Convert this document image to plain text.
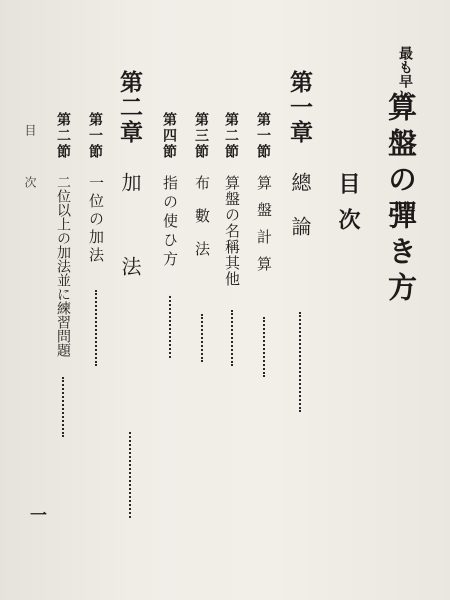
最も早い
算盤の彈き方
目次
第一章
總論
第一節
算盤計算
第二節
算盤の名稱其他
第三節
布數法
第四節
指の使ひ方
第二章
加法
第一節
一位の加法
第二節
二位以上の加法並に練習問題
目次
一
